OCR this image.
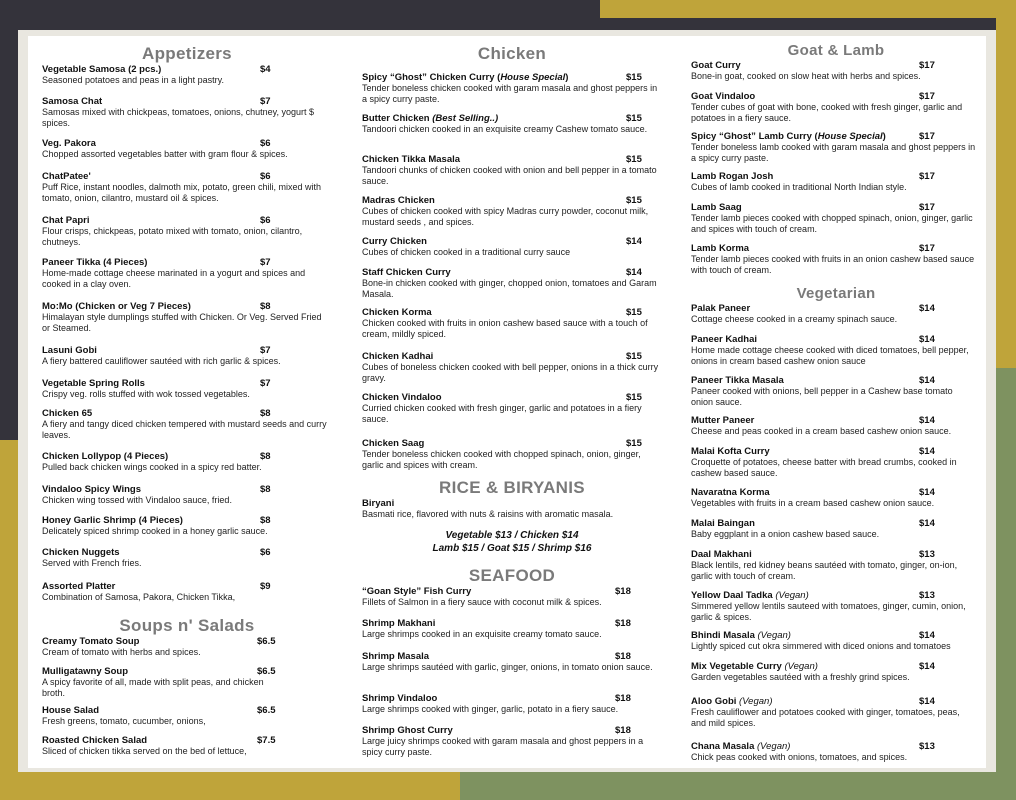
Appetizers
Soups n' Salads
Vegetable Samosa (2 pcs.)	$4
Seasoned potatoes and peas in a light pastry.
Samosa Chat	$7
Samosas mixed with chickpeas, tomatoes, onions, chutney, yogurt $ spices.
Veg. Pakora	$6
Chopped assorted vegetables batter with gram flour & spices.
ChatPatee'	$6
Puff Rice, instant noodles, dalmoth mix, potato, green chili, mixed with tomato, onion, cilantro, mustard oil & spices.
Chat Papri	$6
Flour crisps, chickpeas, potato mixed with tomato, onion, cilantro, chutneys.
Paneer Tikka (4 Pieces)	$7
Home-made cottage cheese marinated in a yogurt and spices and cooked in a clay oven.
Mo:Mo (Chicken or Veg 7 Pieces)	$8
Himalayan style dumplings stuffed with Chicken. Or Veg. Served Fried or Steamed.
Lasuni Gobi	$7
A fiery battered cauliflower sautéed with rich garlic & spices.
Vegetable Spring Rolls	$7
Crispy veg. rolls stuffed with wok tossed vegetables.
Chicken 65	$8
A fiery and tangy diced chicken tempered with mustard seeds and curry leaves.
Chicken Lollypop (4 Pieces)	$8
Pulled back chicken wings cooked in a spicy red batter.
Vindaloo Spicy Wings	$8
Chicken wing tossed with Vindaloo sauce, fried.
Honey Garlic Shrimp (4 Pieces)	$8
Delicately spiced shrimp cooked in a honey garlic sauce.
Chicken Nuggets	$6
Served with French fries.
Assorted Platter	$9
Combination of Samosa, Pakora, Chicken Tikka,
Creamy Tomato Soup	$6.5
Cream of tomato with herbs and spices.
Mulligatawny Soup	$6.5
A spicy favorite of all, made with split peas, and chicken broth.
House Salad	$6.5
Fresh greens, tomato, cucumber, onions,
Roasted Chicken Salad	$7.5
Sliced of chicken tikka served on the bed of lettuce,
Chicken
RICE & BIRYANIS
Biryani
Basmati rice, flavored with nuts & raisins with aromatic masala.
Vegetable $13 / Chicken $14
Lamb $15 / Goat $15 / Shrimp $16
SEAFOOD
Spicy “Ghost” Chicken Curry (House Special)	$15
Tender boneless chicken cooked with garam masala and ghost peppers in a spicy curry paste.
Butter Chicken (Best Selling..)	$15
Tandoori chicken cooked in an exquisite creamy Cashew tomato sauce.
Chicken Tikka Masala	$15
Tandoori chunks of chicken cooked with onion and bell pepper in a tomato sauce.
Madras Chicken	$15
Cubes of chicken cooked with spicy Madras curry powder, coconut milk, mustard seeds , and spices.
Curry Chicken	$14
Cubes of chicken cooked in a traditional curry sauce
Staff Chicken Curry	$14
Bone-in chicken cooked with ginger, chopped onion, tomatoes and Garam Masala.
Chicken Korma	$15
Chicken cooked with fruits in onion cashew based sauce with a touch of cream, mildly spiced.
Chicken Kadhai	$15
Cubes of boneless chicken cooked with bell pepper, onions in a thick curry gravy.
Chicken Vindaloo	$15
Curried chicken cooked with fresh ginger, garlic and potatoes in a fiery sauce.
Chicken Saag	$15
Tender boneless chicken cooked with chopped spinach, onion, ginger, garlic and spices with cream.
“Goan Style” Fish Curry	$18
Fillets of Salmon in a fiery sauce with coconut milk & spices.
Shrimp Makhani	$18
Large shrimps cooked in an exquisite creamy tomato sauce.
Shrimp Masala	$18
Large shrimps sautéed with garlic, ginger, onions, in tomato onion sauce.
Shrimp Vindaloo	$18
Large shrimps cooked with ginger, garlic, potato in a fiery sauce.
Shrimp Ghost Curry	$18
Large juicy shrimps cooked with garam masala and ghost peppers in a spicy curry paste.
Goat & Lamb
Vegetarian
Goat Curry	$17
Bone-in goat, cooked on slow heat with herbs and spices.
Goat Vindaloo	$17
Tender cubes of goat with bone, cooked with fresh ginger, garlic and potatoes in a fiery sauce.
Spicy “Ghost” Lamb Curry (House Special)	$17
Tender boneless lamb cooked with garam masala and ghost peppers in a spicy curry paste.
Lamb Rogan Josh	$17
Cubes of lamb cooked in traditional North Indian style.
Lamb Saag	$17
Tender lamb pieces cooked with chopped spinach, onion, ginger, garlic and spices with touch of cream.
Lamb Korma	$17
Tender lamb pieces cooked with fruits in an onion cashew based sauce with touch of cream.
Palak Paneer	$14
Cottage cheese cooked in a creamy spinach sauce.
Paneer Kadhai	$14
Home made cottage cheese cooked with diced tomatoes, bell pepper, onions in cream based cashew onion sauce
Paneer Tikka Masala	$14
Paneer cooked with onions, bell pepper in a Cashew base tomato onion sauce.
Mutter Paneer	$14
Cheese and peas cooked in a cream based cashew onion sauce.
Malai Kofta Curry	$14
Croquette of potatoes, cheese batter with bread crumbs, cooked in cashew based sauce.
Navaratna Korma	$14
Vegetables with fruits in a cream based cashew onion sauce.
Malai Baingan	$14
Baby eggplant in a onion cashew based sauce.
Daal Makhani	$13
Black lentils, red kidney beans sautéed with tomato, ginger, on-ion, garlic with touch of cream.
Yellow Daal Tadka (Vegan)	$13
Simmered yellow lentils sauteed with tomatoes, ginger, cumin, onion, garlic & spices.
Bhindi Masala (Vegan)	$14
Lightly spiced cut okra simmered with diced onions and tomatoes
Mix Vegetable Curry (Vegan)	$14
Garden vegetables sautéed with a freshly grind spices.
Aloo Gobi (Vegan)	$14
Fresh cauliflower and potatoes cooked with ginger, tomatoes, peas, and mild spices.
Chana Masala (Vegan)	$13
Chick peas cooked with onions, tomatoes, and spices.
